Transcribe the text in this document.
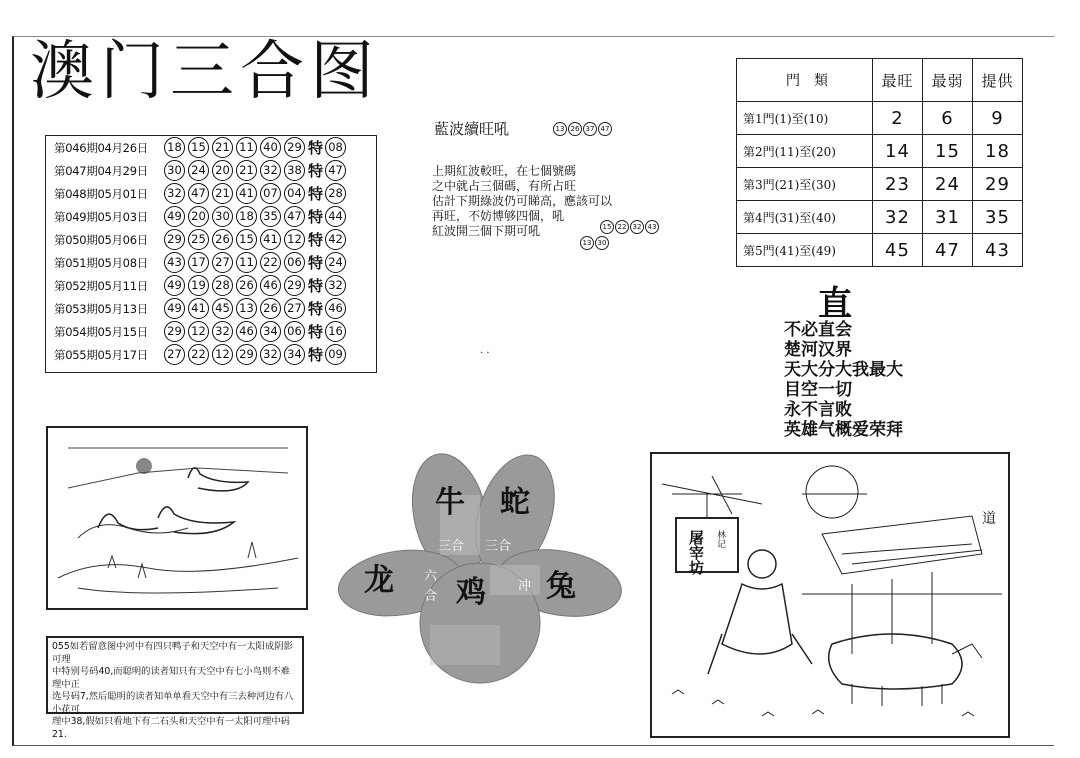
澳门三合图
第046期04月26日	18 15 21 11 40 29 特 08
第047期04月29日	30 24 20 21 32 38 特 47
第048期05月01日	32 47 21 41 07 04 特 28
第049期05月03日	49 20 30 18 35 47 特 44
第050期05月06日	29 25 26 15 41 12 特 42
第051期05月08日	43 17 27 11 22 06 特 24
第052期05月11日	49 19 28 26 46 29 特 32
第053期05月13日	49 41 45 13 26 27 特 46
第054期05月15日	29 12 32 46 34 06 特 16
第055期05月17日	27 22 12 29 32 34 特 09
藍波續旺吼	13 26 37 47
上期紅波較旺，在七個號碼
之中就占三個碼，有所占旺
估計下期綠波仍可睇高，應該可以
再旺，不妨博够四個，吼
紅波開三個下期可吼	15 22 32 43
13 30
. .
門　類	最旺	最弱	提供
第1門(1)至(10)	2	6	9
第2門(11)至(20)	14	15	18
第3門(21)至(30)	23	24	29
第4門(31)至(40)	32	31	35
第5門(41)至(49)	45	47	43
直
不必直会
楚河汉界
天大分大我最大
目空一切
永不言败
英雄气概爱荣拜
牛 蛇
龙 鸡 兔
三合 三合
六
合
冲
屠宰坊 林记
道
055如若留意图中河中有四只鸭子和天空中有一太阳成阴影可理
中特别号码40,而聪明的读者知只有天空中有七小鸟则不难理中正
选号码7,然后聪明的读者知单单看天空中有三去种河边有八小花可
理中38,假如只看地下有二石头和天空中有一太阳可理中码21.
